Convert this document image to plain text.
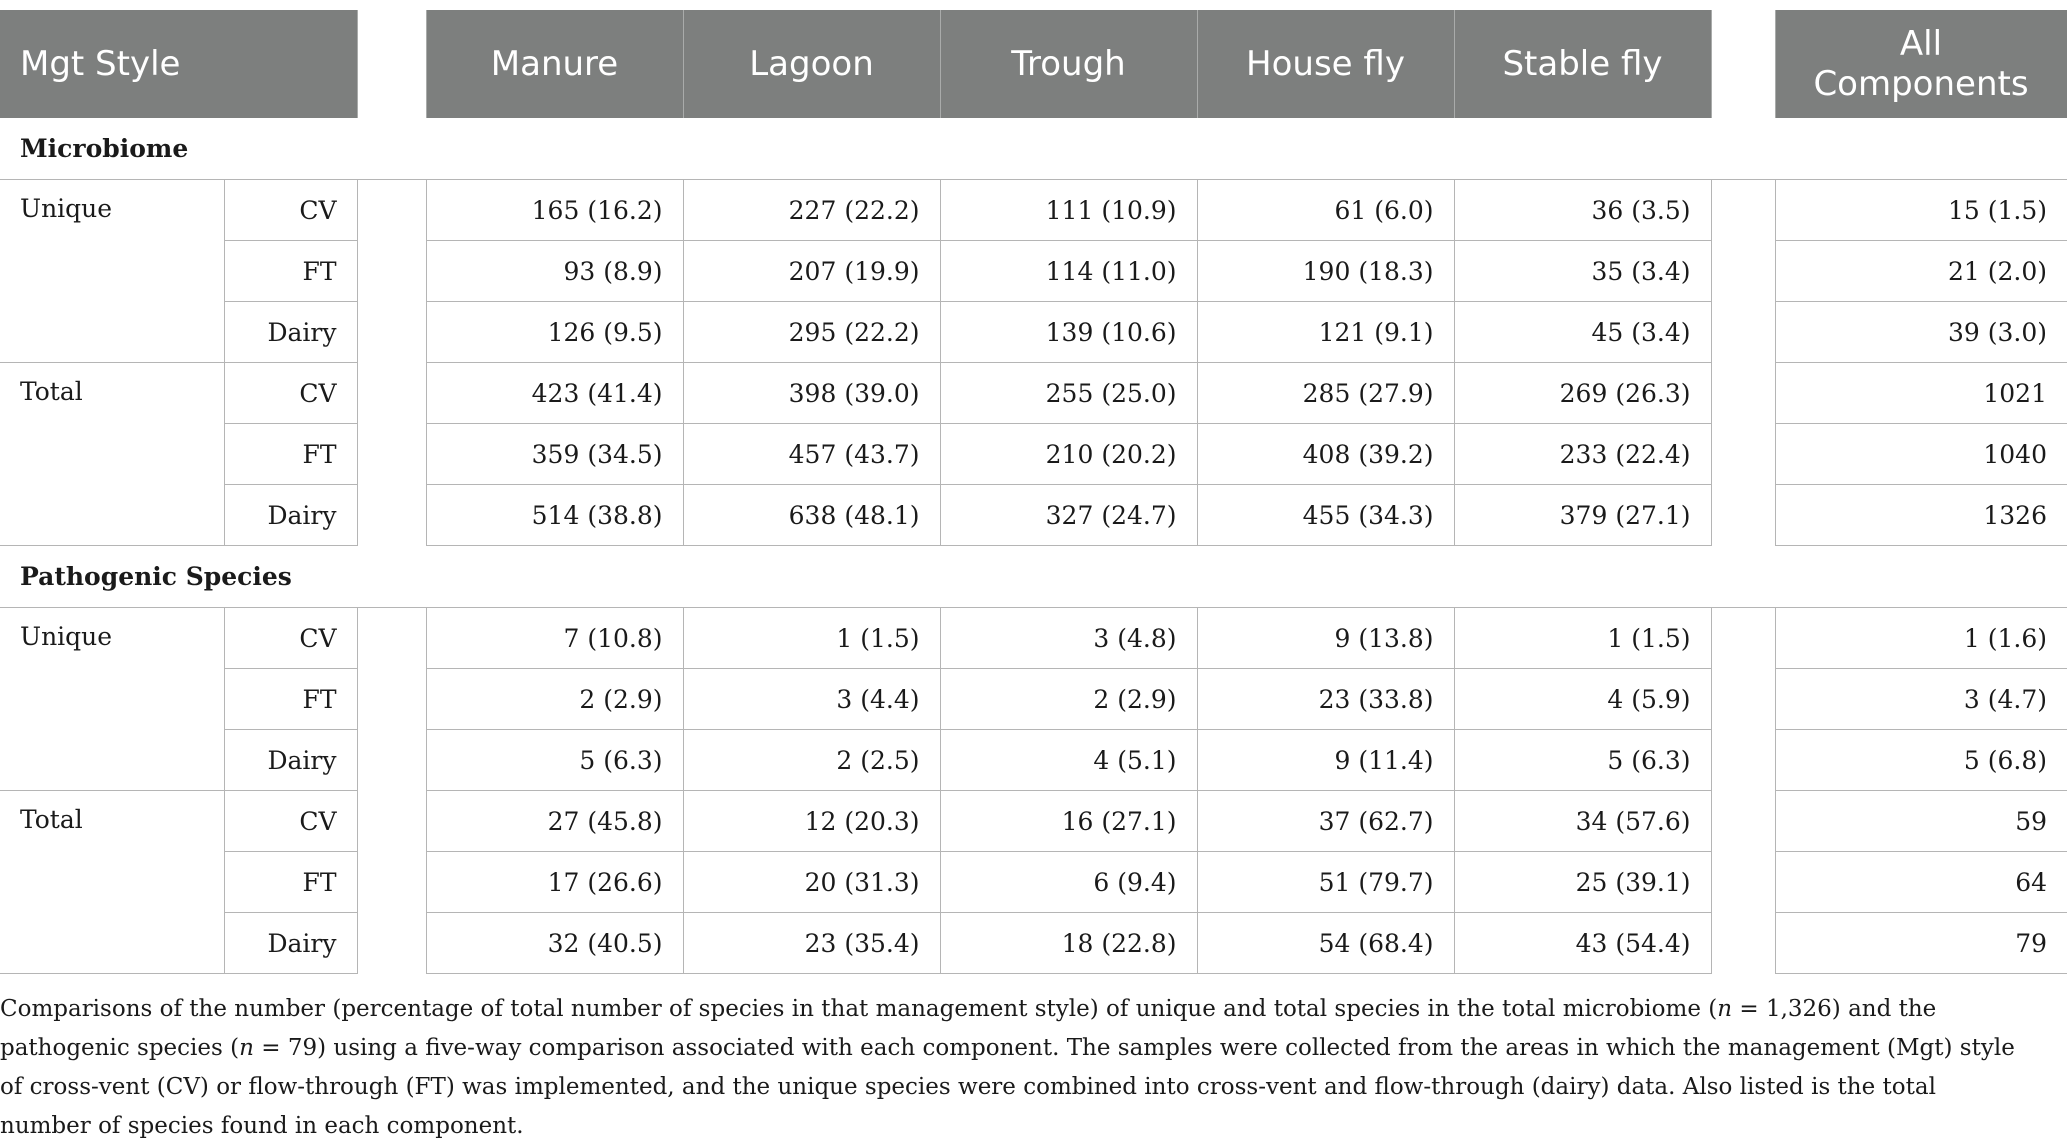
Mgt Style			Manure	Lagoon	Trough	House fly	Stable fly		All
Components
Microbiome									
Unique	CV		165 (16.2)	227 (22.2)	111 (10.9)	61 (6.0)	36 (3.5)		15 (1.5)
	FT		93 (8.9)	207 (19.9)	114 (11.0)	190 (18.3)	35 (3.4)		21 (2.0)
	Dairy		126 (9.5)	295 (22.2)	139 (10.6)	121 (9.1)	45 (3.4)		39 (3.0)
Total	CV		423 (41.4)	398 (39.0)	255 (25.0)	285 (27.9)	269 (26.3)		1021
	FT		359 (34.5)	457 (43.7)	210 (20.2)	408 (39.2)	233 (22.4)		1040
	Dairy		514 (38.8)	638 (48.1)	327 (24.7)	455 (34.3)	379 (27.1)		1326
Pathogenic Species									
Unique	CV		7 (10.8)	1 (1.5)	3 (4.8)	9 (13.8)	1 (1.5)		1 (1.6)
	FT		2 (2.9)	3 (4.4)	2 (2.9)	23 (33.8)	4 (5.9)		3 (4.7)
	Dairy		5 (6.3)	2 (2.5)	4 (5.1)	9 (11.4)	5 (6.3)		5 (6.8)
Total	CV		27 (45.8)	12 (20.3)	16 (27.1)	37 (62.7)	34 (57.6)		59
	FT		17 (26.6)	20 (31.3)	6 (9.4)	51 (79.7)	25 (39.1)		64
	Dairy		32 (40.5)	23 (35.4)	18 (22.8)	54 (68.4)	43 (54.4)		79

Comparisons of the number (percentage of total number of species in that management style) of unique and total species in the total microbiome (n = 1,326) and the pathogenic species (n = 79) using a five-way comparison associated with each component. The samples were collected from the areas in which the management (Mgt) style of cross-vent (CV) or flow-through (FT) was implemented, and the unique species were combined into cross-vent and flow-through (dairy) data. Also listed is the total number of species found in each component.
